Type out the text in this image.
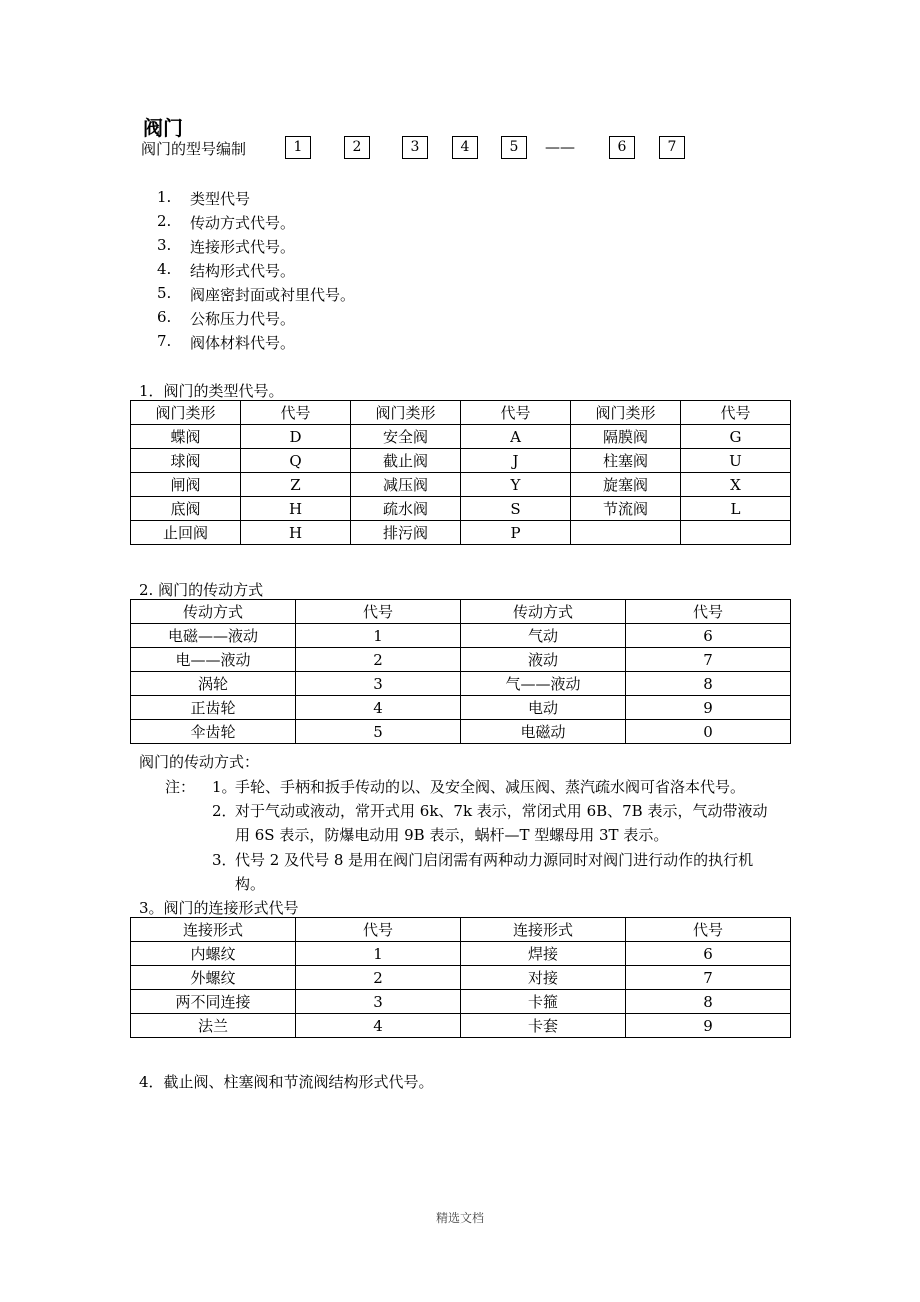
阀门
阀门的型号编制	1	2	3	4	5	——	6	7
1. 类型代号
2. 传动方式代号。
3. 连接形式代号。
4. 结构形式代号。
5. 阀座密封面或衬里代号。
6. 公称压力代号。
7. 阀体材料代号。
1．阀门的类型代号。
阀门类形	代号	阀门类形	代号	阀门类形	代号
蝶阀	D	安全阀	A	隔膜阀	G
球阀	Q	截止阀	J	柱塞阀	U
闸阀	Z	减压阀	Y	旋塞阀	X
底阀	H	疏水阀	S	节流阀	L
止回阀	H	排污阀	P		
2. 阀门的传动方式
传动方式	代号	传动方式	代号
电磁——液动	1	气动	6
电——液动	2	液动	7
涡轮	3	气——液动	8
正齿轮	4	电动	9
伞齿轮	5	电磁动	0
阀门的传动方式：
注： 1。
手轮、手柄和扳手传动的以、及安全阀、减压阀、蒸汽疏水阀可省洛本代号。
2．
对于气动或液动，常开式用 6k、7k 表示，常闭式用 6B、7B 表示，气动带液动
用 6S 表示，防爆电动用 9B 表示，蜗杆—T 型螺母用 3T 表示。
3．
代号 2 及代号 8 是用在阀门启闭需有两种动力源同时对阀门进行动作的执行机
构。
3。阀门的连接形式代号
连接形式	代号	连接形式	代号
内螺纹	1	焊接	6
外螺纹	2	对接	7
两不同连接	3	卡箍	8
法兰	4	卡套	9
4．截止阀、柱塞阀和节流阀结构形式代号。
精选文档
